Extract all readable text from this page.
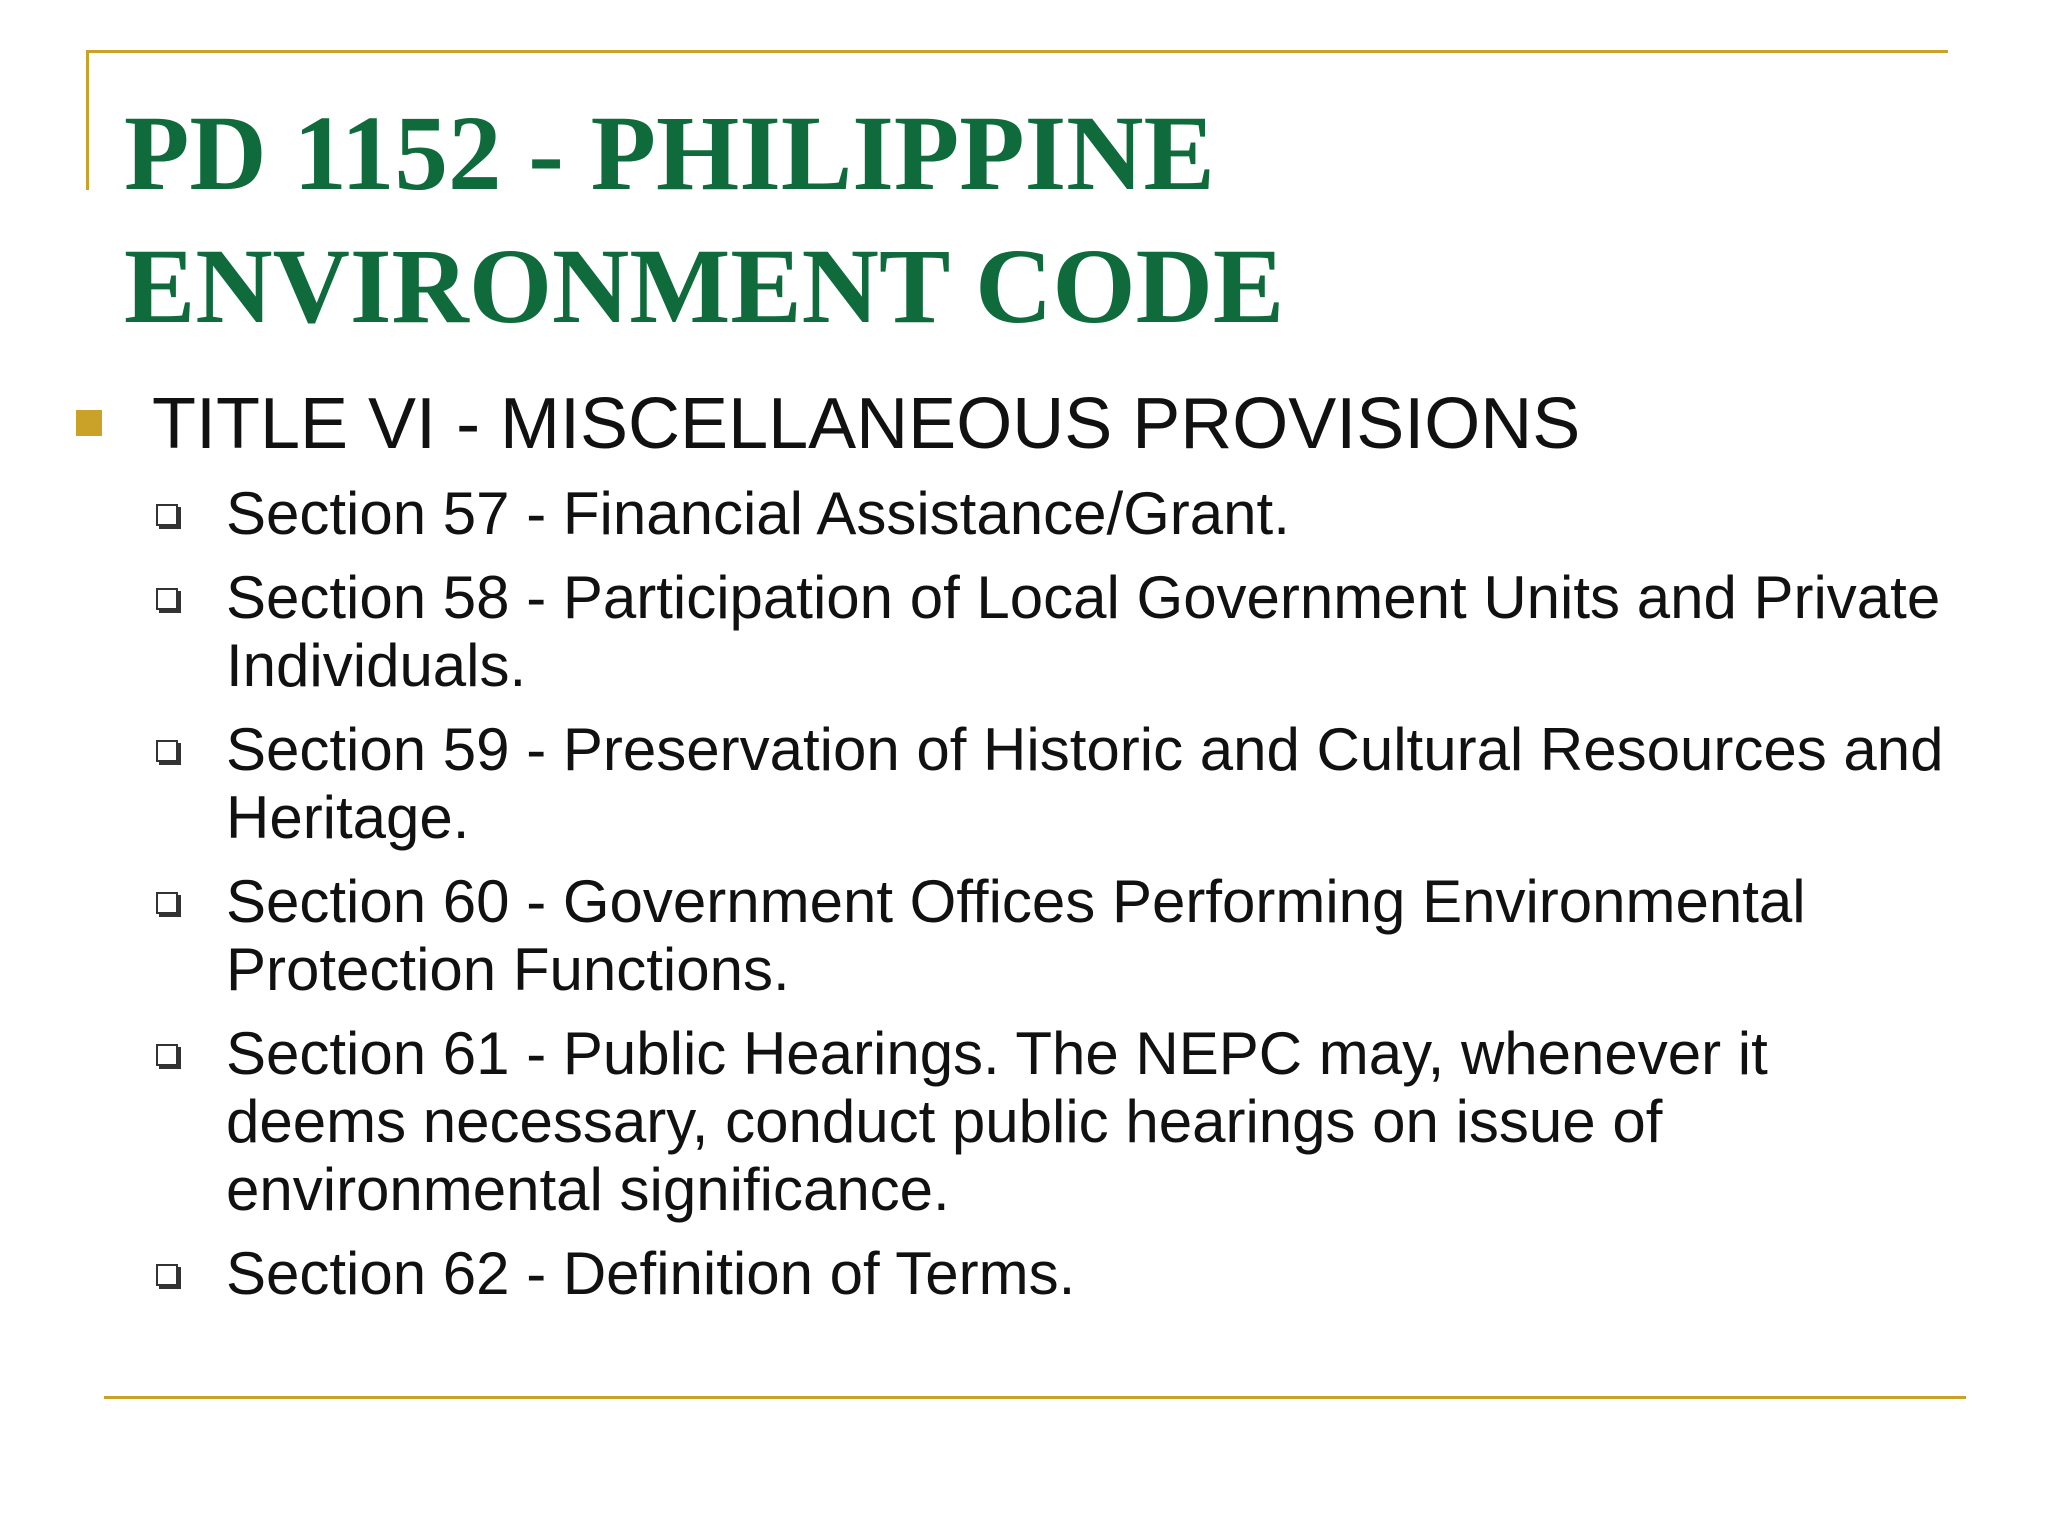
PD 1152 - PHILIPPINE
ENVIRONMENT CODE
TITLE VI - MISCELLANEOUS PROVISIONS
Section 57 - Financial Assistance/Grant.
Section 58 - Participation of Local Government Units and Private Individuals.
Section 59 - Preservation of Historic and Cultural Resources and Heritage.
Section 60 - Government Offices Performing Environmental Protection Functions.
Section 61 - Public Hearings. The NEPC may, whenever it deems necessary, conduct public hearings on issue of environmental significance.
Section 62 - Definition of Terms.
